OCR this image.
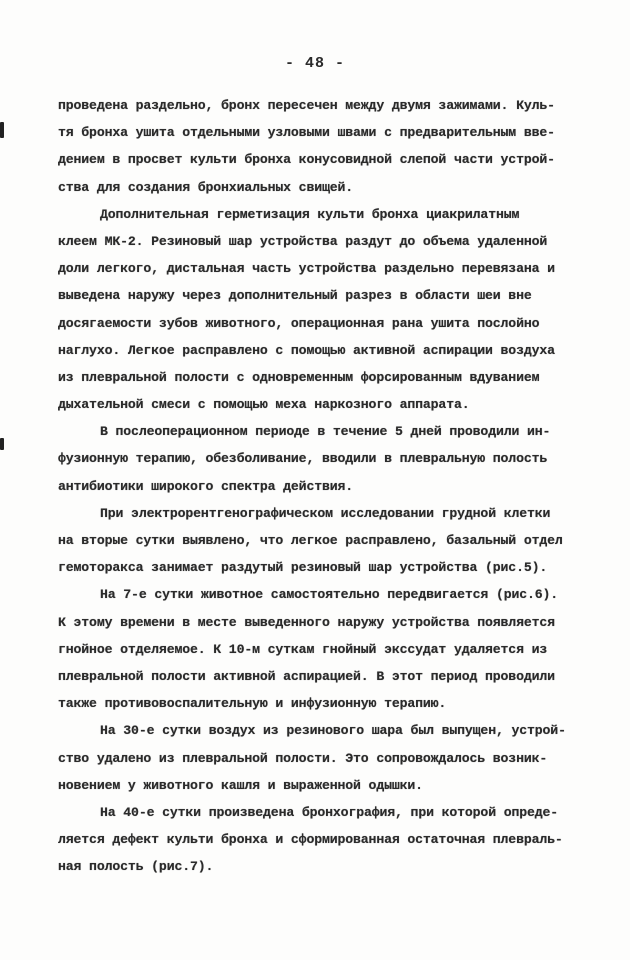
- 48 -
проведена раздельно, бронх пересечен между двумя зажимами. Куль-
тя бронха ушита отдельными узловыми швами с предварительным вве-
дением в просвет культи бронха конусовидной слепой части устрой-
ства для создания бронхиальных свищей.
Дополнительная герметизация культи бронха циакрилатным
клеем МК-2. Резиновый шар устройства раздут до объема удаленной
доли легкого, дистальная часть устройства раздельно перевязана и
выведена наружу через дополнительный разрез в области шеи вне
досягаемости зубов животного, операционная рана ушита послойно
наглухо. Легкое расправлено с помощью активной аспирации воздуха
из плевральной полости с одновременным форсированным вдуванием
дыхательной смеси с помощью меха наркозного аппарата.
В послеоперационном периоде в течение 5 дней проводили ин-
фузионную терапию, обезболивание, вводили в плевральную полость
антибиотики широкого спектра действия.
При электрорентгенографическом исследовании грудной клетки
на вторые сутки выявлено, что легкое расправлено, базальный отдел
гемоторакса занимает раздутый резиновый шар устройства (рис.5).
На 7-е сутки животное самостоятельно передвигается (рис.6).
К этому времени в месте выведенного наружу устройства появляется
гнойное отделяемое. К 10-м суткам гнойный экссудат удаляется из
плевральной полости активной аспирацией. В этот период проводили
также противовоспалительную и инфузионную терапию.
На 30-е сутки воздух из резинового шара был выпущен, устрой-
ство удалено из плевральной полости. Это сопровождалось возник-
новением у животного кашля и выраженной одышки.
На 40-е сутки произведена бронхография, при которой опреде-
ляется дефект культи бронха и сформированная остаточная плевраль-
ная полость (рис.7).
